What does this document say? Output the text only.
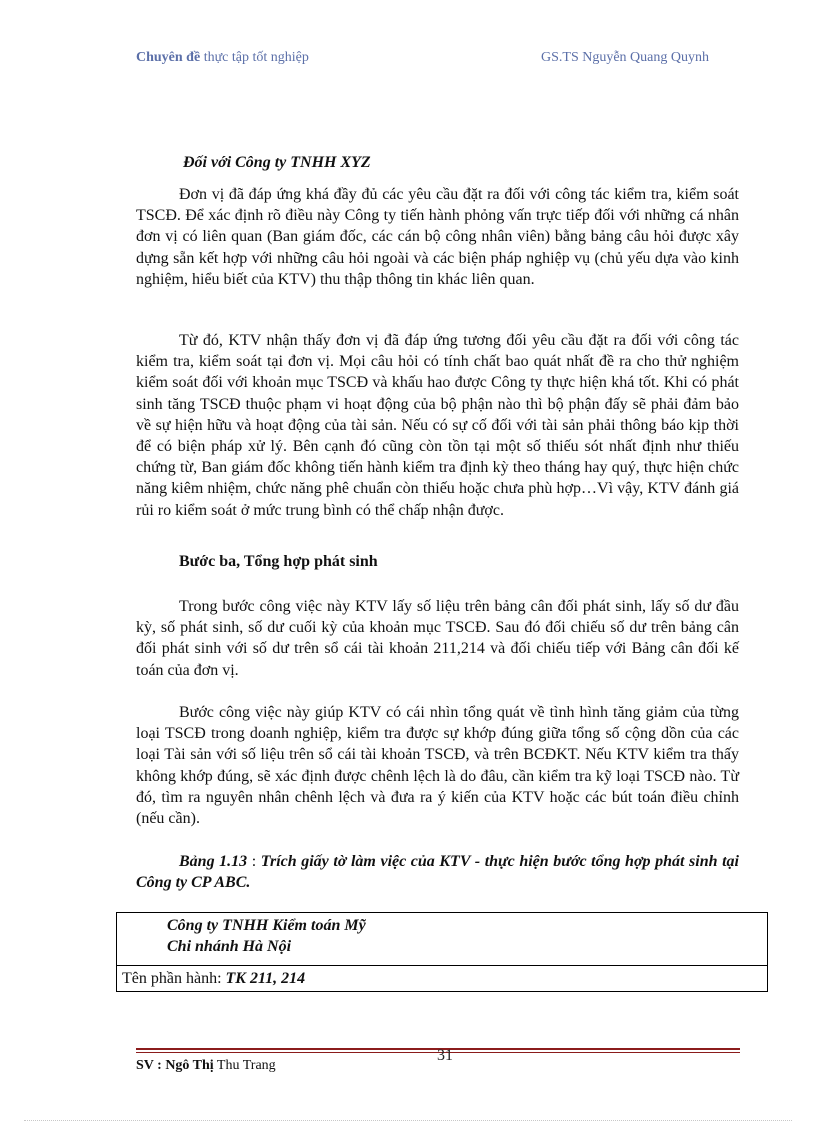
Chuyên đề thực tập tốt nghiệp	GS.TS Nguyễn Quang Quynh
Đối với Công ty TNHH XYZ

Đơn vị đã đáp ứng khá đầy đủ các yêu cầu đặt ra đối với công tác kiểm tra, kiểm soát TSCĐ. Để xác định rõ điều này Công ty tiến hành phỏng vấn trực tiếp đối với những cá nhân đơn vị có liên quan (Ban giám đốc, các cán bộ công nhân viên) bằng bảng câu hỏi được xây dựng sẵn kết hợp với những câu hỏi ngoài và các biện pháp nghiệp vụ (chủ yếu dựa vào kinh nghiệm, hiểu biết của KTV) thu thập thông tin khác liên quan.

Từ đó, KTV nhận thấy đơn vị đã đáp ứng tương đối yêu cầu đặt ra đối với công tác kiểm tra, kiểm soát tại đơn vị. Mọi câu hỏi có tính chất bao quát nhất đề ra cho thử nghiệm kiểm soát đối với khoản mục TSCĐ và khấu hao được Công ty thực hiện khá tốt. Khi có phát sinh tăng TSCĐ thuộc phạm vi hoạt động của bộ phận nào thì bộ phận đấy sẽ phải đảm bảo về sự hiện hữu và hoạt động của tài sản. Nếu có sự cố đối với tài sản phải thông báo kịp thời để có biện pháp xử lý. Bên cạnh đó cũng còn tồn tại một số thiếu sót nhất định như thiếu chứng từ, Ban giám đốc không tiến hành kiểm tra định kỳ theo tháng hay quý, thực hiện chức năng kiêm nhiệm, chức năng phê chuẩn còn thiếu hoặc chưa phù hợp…Vì vậy, KTV đánh giá rủi ro kiểm soát ở mức trung bình có thể chấp nhận được.

Bước ba, Tổng hợp phát sinh

Trong bước công việc này KTV lấy số liệu trên bảng cân đối phát sinh, lấy số dư đầu kỳ, số phát sinh, số dư cuối kỳ của khoản mục TSCĐ. Sau đó đối chiếu số dư trên bảng cân đối phát sinh với số dư trên sổ cái tài khoản 211,214 và đối chiếu tiếp với Bảng cân đối kế toán của đơn vị.

Bước công việc này giúp KTV có cái nhìn tổng quát về tình hình tăng giảm của từng loại TSCĐ trong doanh nghiệp, kiểm tra được sự khớp đúng giữa tổng số cộng dồn của các loại Tài sản với số liệu trên sổ cái tài khoản TSCĐ, và trên BCĐKT. Nếu KTV kiểm tra thấy không khớp đúng, sẽ xác định được chênh lệch là do đâu, cần kiểm tra kỹ loại TSCĐ nào. Từ đó, tìm ra nguyên nhân chênh lệch và đưa ra ý kiến của KTV hoặc các bút toán điều chỉnh (nếu cần).

Bảng 1.13 : Trích giấy tờ làm việc của KTV - thực hiện bước tổng hợp phát sinh tại Công ty CP ABC.

Công ty TNHH Kiểm toán Mỹ
Chi nhánh Hà Nội
Tên phần hành: TK 211, 214
31
SV : Ngô Thị Thu Trang
